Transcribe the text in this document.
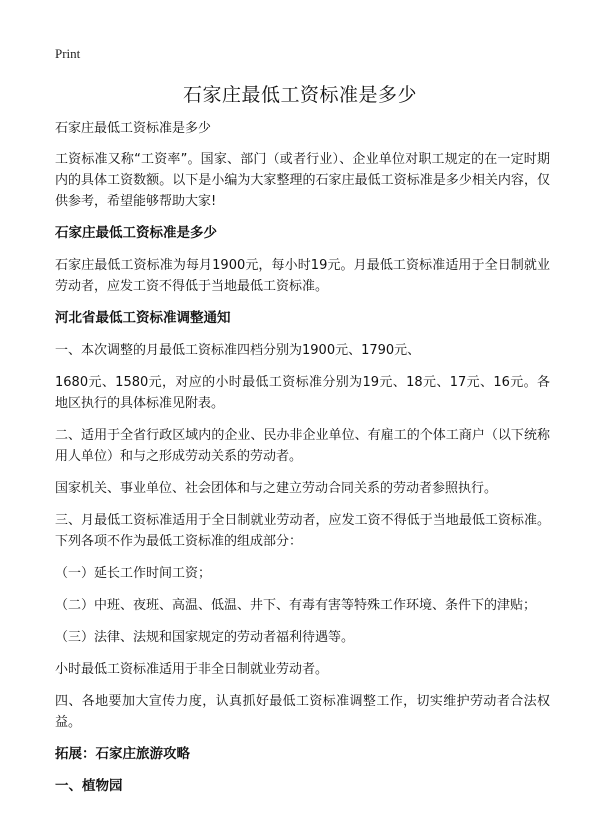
Print
石家庄最低工资标准是多少

石家庄最低工资标准是多少

工资标准又称“工资率”。国家、部门（或者行业）、企业单位对职工规定的在一定时期内的具体工资数额。以下是小编为大家整理的石家庄最低工资标准是多少相关内容，仅供参考，希望能够帮助大家!

石家庄最低工资标准是多少

石家庄最低工资标准为每月1900元，每小时19元。月最低工资标准适用于全日制就业劳动者，应发工资不得低于当地最低工资标准。

河北省最低工资标准调整通知

一、本次调整的月最低工资标准四档分别为1900元、1790元、

1680元、1580元，对应的小时最低工资标准分别为19元、18元、17元、16元。各地区执行的具体标准见附表。

二、适用于全省行政区域内的企业、民办非企业单位、有雇工的个体工商户（以下统称用人单位）和与之形成劳动关系的劳动者。

国家机关、事业单位、社会团体和与之建立劳动合同关系的劳动者参照执行。

三、月最低工资标准适用于全日制就业劳动者，应发工资不得低于当地最低工资标准。下列各项不作为最低工资标准的组成部分：

（一）延长工作时间工资；

（二）中班、夜班、高温、低温、井下、有毒有害等特殊工作环境、条件下的津贴；

（三）法律、法规和国家规定的劳动者福利待遇等。

小时最低工资标准适用于非全日制就业劳动者。

四、各地要加大宣传力度，认真抓好最低工资标准调整工作，切实维护劳动者合法权益。

拓展：石家庄旅游攻略
一、植物园
